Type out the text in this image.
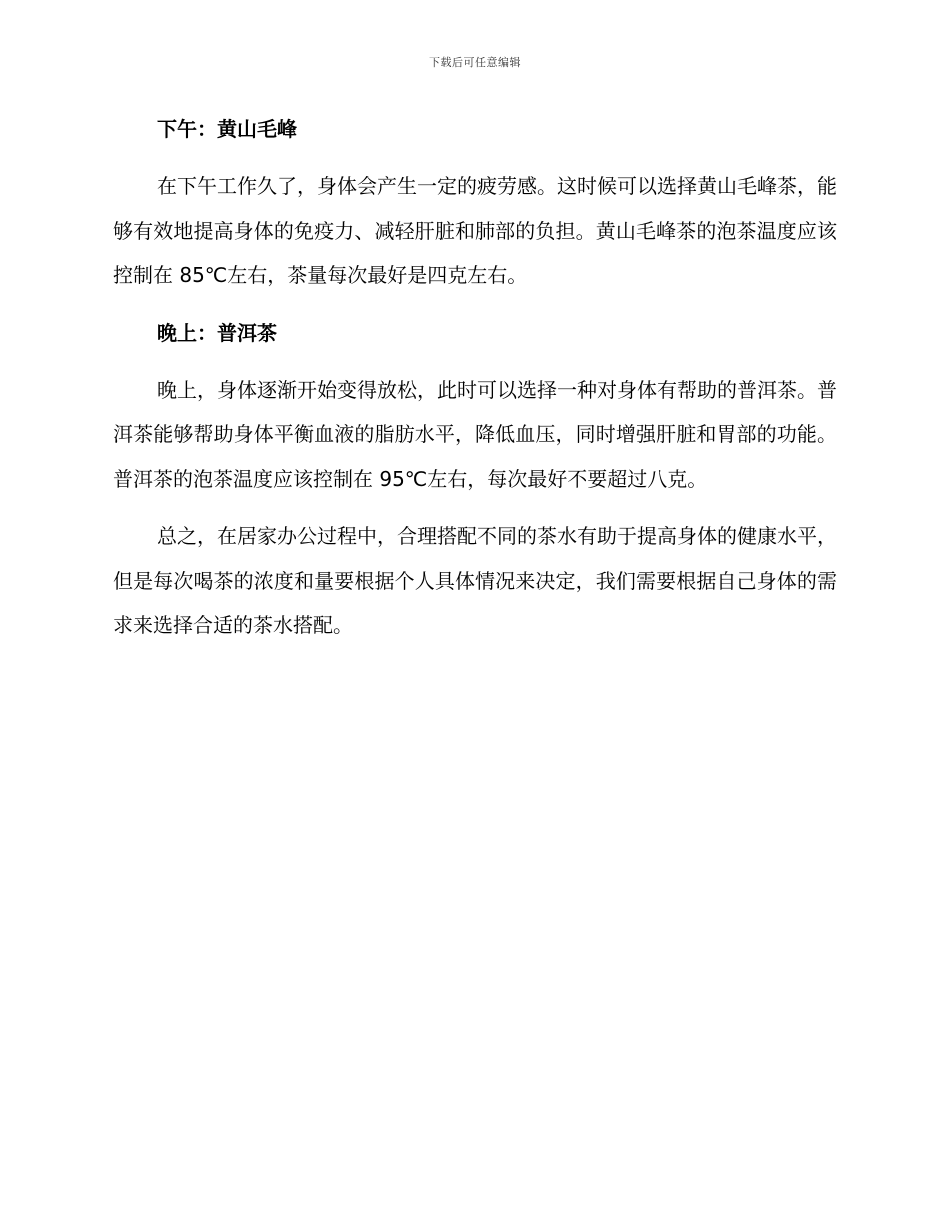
下载后可任意编辑
下午：黄山毛峰

在下午工作久了，身体会产生一定的疲劳感。这时候可以选择黄山毛峰茶，能够有效地提高身体的免疫力、减轻肝脏和肺部的负担。黄山毛峰茶的泡茶温度应该控制在 85℃左右，茶量每次最好是四克左右。

晚上：普洱茶

晚上，身体逐渐开始变得放松，此时可以选择一种对身体有帮助的普洱茶。普洱茶能够帮助身体平衡血液的脂肪水平，降低血压，同时增强肝脏和胃部的功能。普洱茶的泡茶温度应该控制在 95℃左右，每次最好不要超过八克。

总之，在居家办公过程中，合理搭配不同的茶水有助于提高身体的健康水平，但是每次喝茶的浓度和量要根据个人具体情况来决定，我们需要根据自己身体的需求来选择合适的茶水搭配。
